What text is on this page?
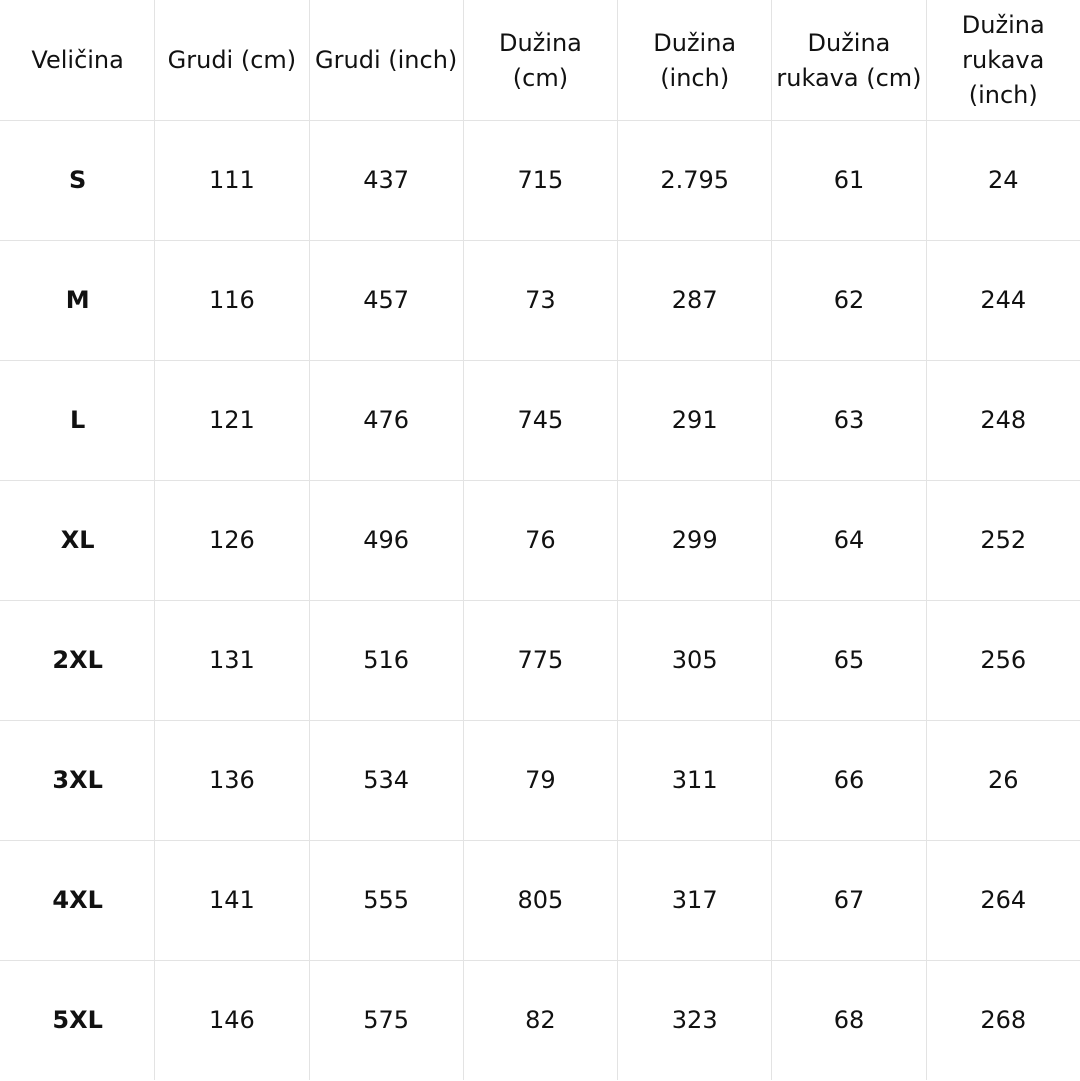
Veličina	Grudi (cm)	Grudi (inch)	Dužina (cm)	Dužina (inch)	Dužina rukava (cm)	Dužina rukava (inch)
S	111	437	715	2.795	61	24
M	116	457	73	287	62	244
L	121	476	745	291	63	248
XL	126	496	76	299	64	252
2XL	131	516	775	305	65	256
3XL	136	534	79	311	66	26
4XL	141	555	805	317	67	264
5XL	146	575	82	323	68	268
